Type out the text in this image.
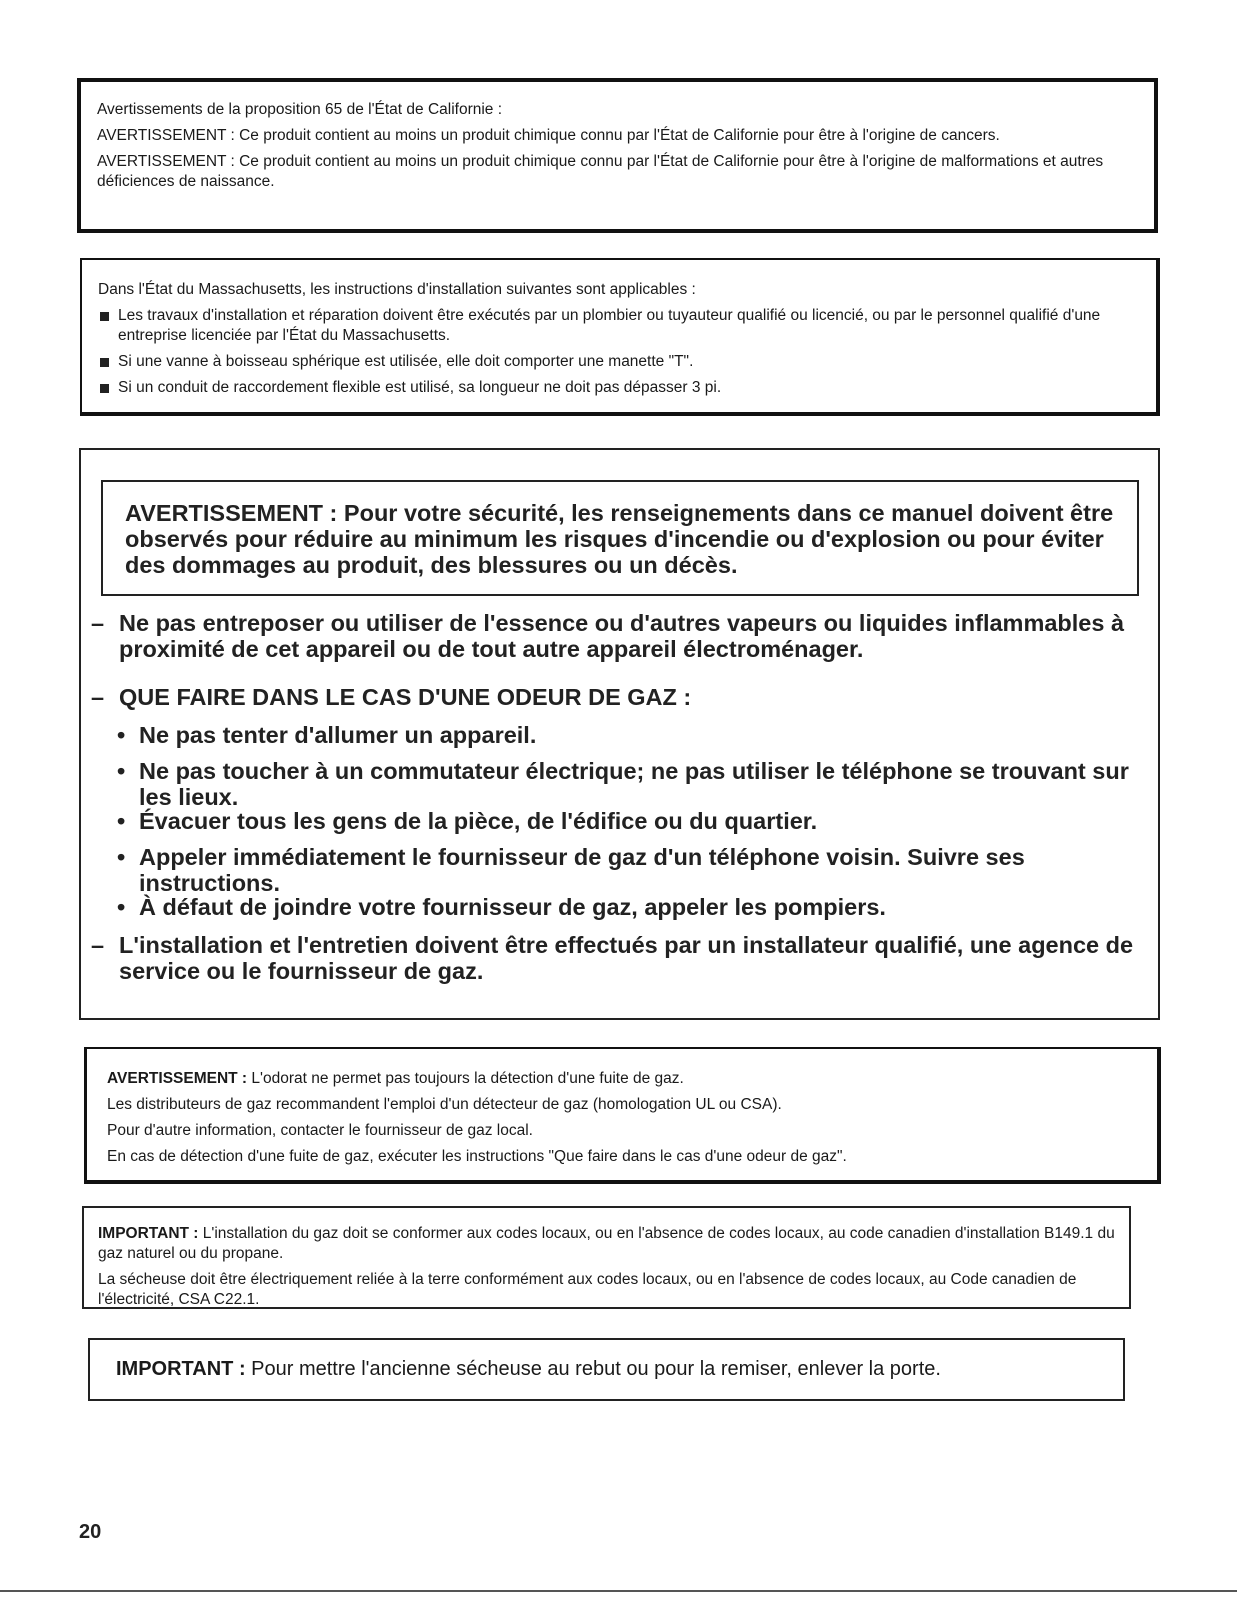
Avertissements de la proposition 65 de l'État de Californie :

AVERTISSEMENT : Ce produit contient au moins un produit chimique connu par l'État de Californie pour être à l'origine de cancers.

AVERTISSEMENT : Ce produit contient au moins un produit chimique connu par l'État de Californie pour être à l'origine de malformations et autres déficiences de naissance.

Dans l'État du Massachusetts, les instructions d'installation suivantes sont applicables :

Les travaux d'installation et réparation doivent être exécutés par un plombier ou tuyauteur qualifié ou licencié, ou par le personnel qualifié d'une entreprise licenciée par l'État du Massachusetts.
Si une vanne à boisseau sphérique est utilisée, elle doit comporter une manette "T".
Si un conduit de raccordement flexible est utilisé, sa longueur ne doit pas dépasser 3 pi.

AVERTISSEMENT : Pour votre sécurité, les renseignements dans ce manuel doivent être observés pour réduire au minimum les risques d'incendie ou d'explosion ou pour éviter des dommages au produit, des blessures ou un décès.

– Ne pas entreposer ou utiliser de l'essence ou d'autres vapeurs ou liquides inflammables à proximité de cet appareil ou de tout autre appareil électroménager.
– QUE FAIRE DANS LE CAS D'UNE ODEUR DE GAZ :
• Ne pas tenter d'allumer un appareil.
• Ne pas toucher à un commutateur électrique; ne pas utiliser le téléphone se trouvant sur les lieux.
• Évacuer tous les gens de la pièce, de l'édifice ou du quartier.
• Appeler immédiatement le fournisseur de gaz d'un téléphone voisin. Suivre ses instructions.
• À défaut de joindre votre fournisseur de gaz, appeler les pompiers.
– L'installation et l'entretien doivent être effectués par un installateur qualifié, une agence de service ou le fournisseur de gaz.

AVERTISSEMENT : L'odorat ne permet pas toujours la détection d'une fuite de gaz.

Les distributeurs de gaz recommandent l'emploi d'un détecteur de gaz (homologation UL ou CSA).

Pour d'autre information, contacter le fournisseur de gaz local.

En cas de détection d'une fuite de gaz, exécuter les instructions "Que faire dans le cas d'une odeur de gaz".

IMPORTANT : L'installation du gaz doit se conformer aux codes locaux, ou en l'absence de codes locaux, au code canadien d'installation B149.1 du gaz naturel ou du propane.

La sécheuse doit être électriquement reliée à la terre conformément aux codes locaux, ou en l'absence de codes locaux, au Code canadien de l'électricité, CSA C22.1.

IMPORTANT : Pour mettre l'ancienne sécheuse au rebut ou pour la remiser, enlever la porte.

20
